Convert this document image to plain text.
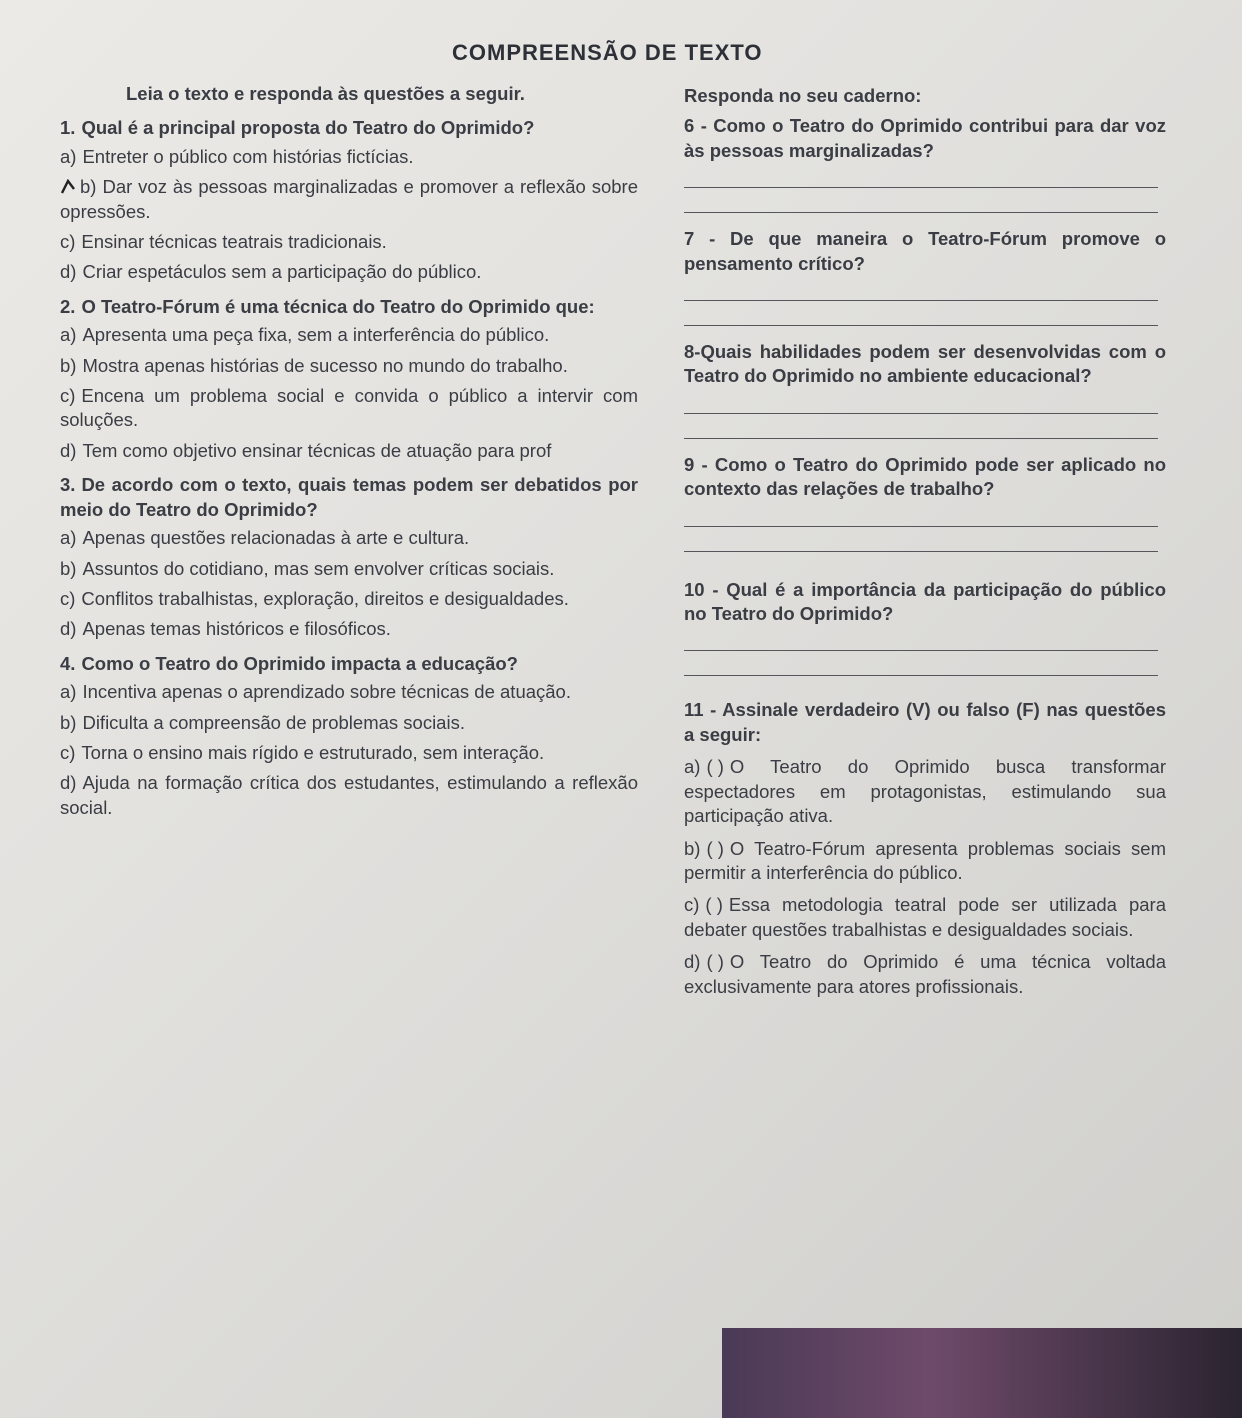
COMPREENSÃO DE TEXTO
Leia o texto e responda às questões a seguir.
1. Qual é a principal proposta do Teatro do Oprimido?
a) Entreter o público com histórias fictícias.
b) Dar voz às pessoas marginalizadas e promover a reflexão sobre opressões.
c) Ensinar técnicas teatrais tradicionais.
d) Criar espetáculos sem a participação do público.
2. O Teatro-Fórum é uma técnica do Teatro do Oprimido que:
a) Apresenta uma peça fixa, sem a interferência do público.
b) Mostra apenas histórias de sucesso no mundo do trabalho.
c) Encena um problema social e convida o público a intervir com soluções.
d) Tem como objetivo ensinar técnicas de atuação para prof
3. De acordo com o texto, quais temas podem ser debatidos por meio do Teatro do Oprimido?
a) Apenas questões relacionadas à arte e cultura.
b) Assuntos do cotidiano, mas sem envolver críticas sociais.
c) Conflitos trabalhistas, exploração, direitos e desigualdades.
d) Apenas temas históricos e filosóficos.
4. Como o Teatro do Oprimido impacta a educação?
a) Incentiva apenas o aprendizado sobre técnicas de atuação.
b) Dificulta a compreensão de problemas sociais.
c) Torna o ensino mais rígido e estruturado, sem interação.
d) Ajuda na formação crítica dos estudantes, estimulando a reflexão social.
Responda no seu caderno:
6 - Como o Teatro do Oprimido contribui para dar voz às pessoas marginalizadas?
7 - De que maneira o Teatro-Fórum promove o pensamento crítico?
8-Quais habilidades podem ser desenvolvidas com o Teatro do Oprimido no ambiente educacional?
9 - Como o Teatro do Oprimido pode ser aplicado no contexto das relações de trabalho?
10 - Qual é a importância da participação do público no Teatro do Oprimido?
11 - Assinale verdadeiro (V) ou falso (F) nas questões a seguir:
a) ( ) O Teatro do Oprimido busca transformar espectadores em protagonistas, estimulando sua participação ativa.
b) ( ) O Teatro-Fórum apresenta problemas sociais sem permitir a interferência do público.
c) ( ) Essa metodologia teatral pode ser utilizada para debater questões trabalhistas e desigualdades sociais.
d) ( ) O Teatro do Oprimido é uma técnica voltada exclusivamente para atores profissionais.
